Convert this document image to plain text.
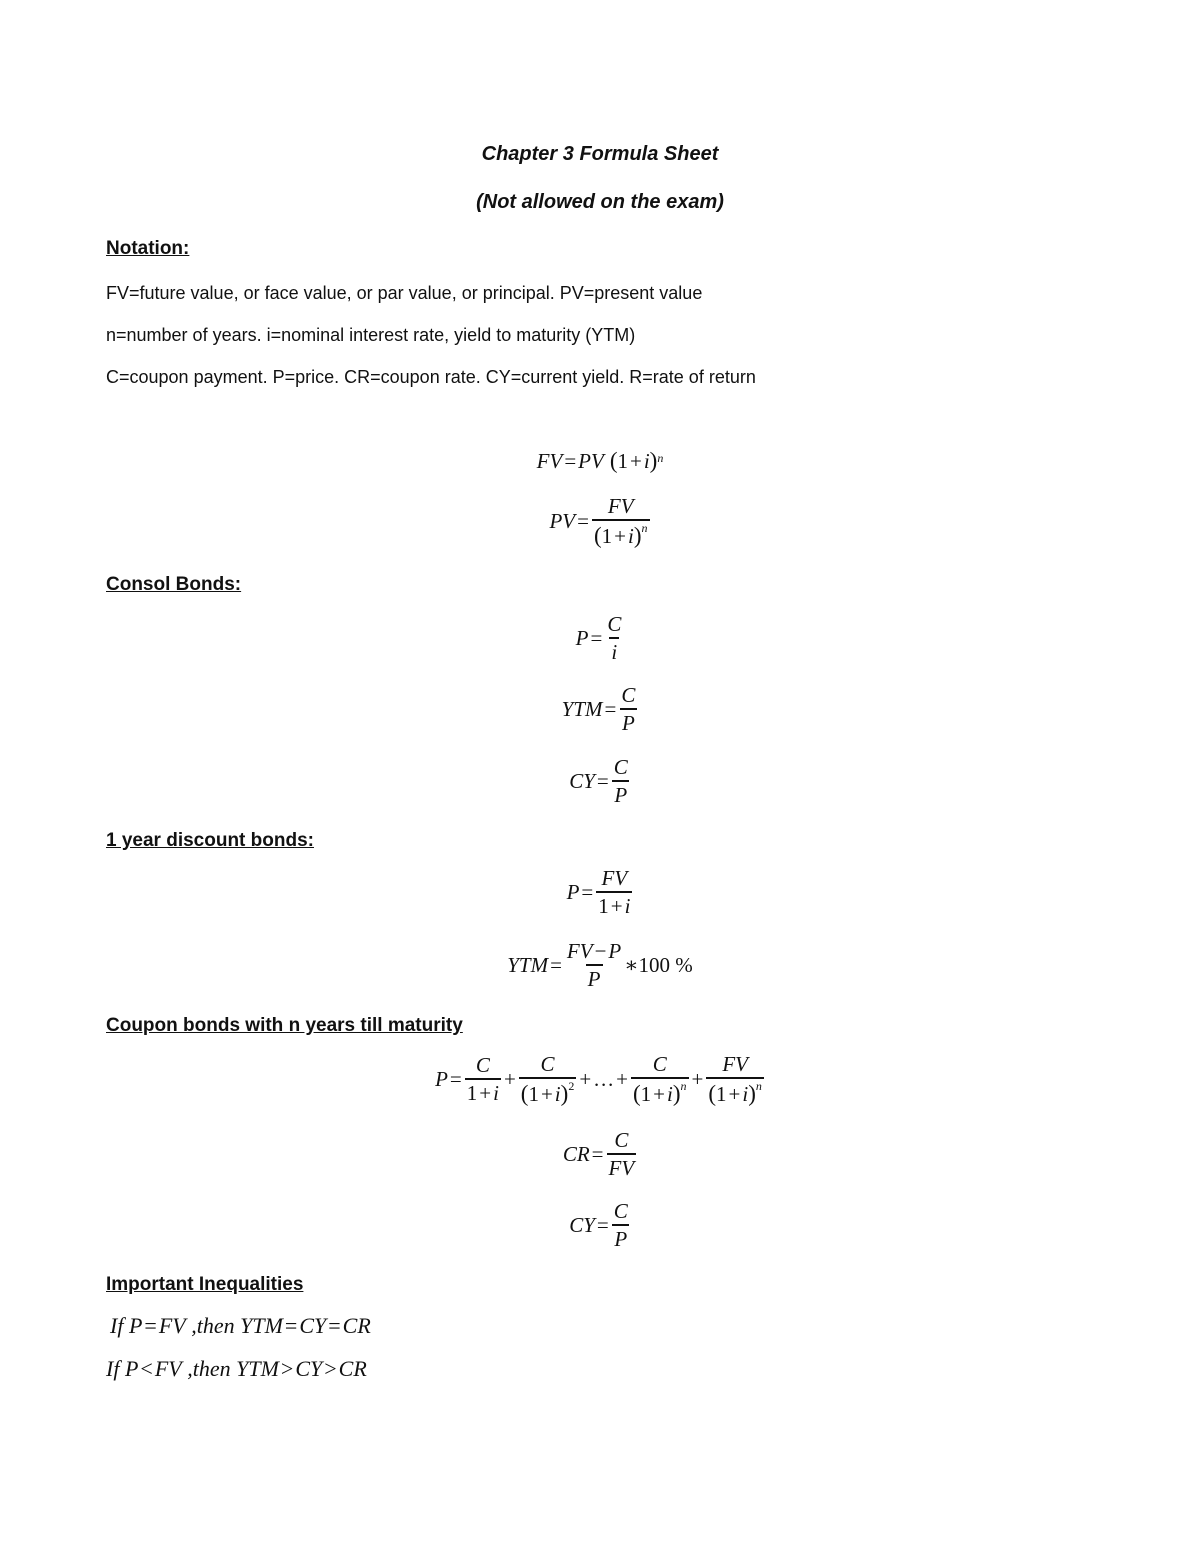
Chapter 3 Formula Sheet
(Not allowed on the exam)
Notation:
FV=future value, or face value, or par value, or principal. PV=present value
n=number of years. i=nominal interest rate, yield to maturity (YTM)
C=coupon payment. P=price. CR=coupon rate. CY=current yield. R=rate of return
FV = PV ( 1 + i )$^n$
PV = $\frac{FV}{(1+i)^n}$
Consol Bonds:
$P = \frac{C}{i}$
YTM = $\frac{C}{P}$
CY = $\frac{C}{P}$
1 year discount bonds:
$P = \frac{FV}{1+i}$
YTM = $\frac{FV-P}{P}$ ∗100 %
Coupon bonds with n years till maturity
$P = \frac{C}{1+i} + \frac{C}{(1+i)^2}$ + … + $\frac{C}{(1+i)^n} + \frac{FV}{(1+i)^n}$
CR = $\frac{C}{FV}$
CY = $\frac{C}{P}$
Important Inequalities
If P=FV ,then YTM=CY=CR
If P<FV ,then YTM>CY>CR
